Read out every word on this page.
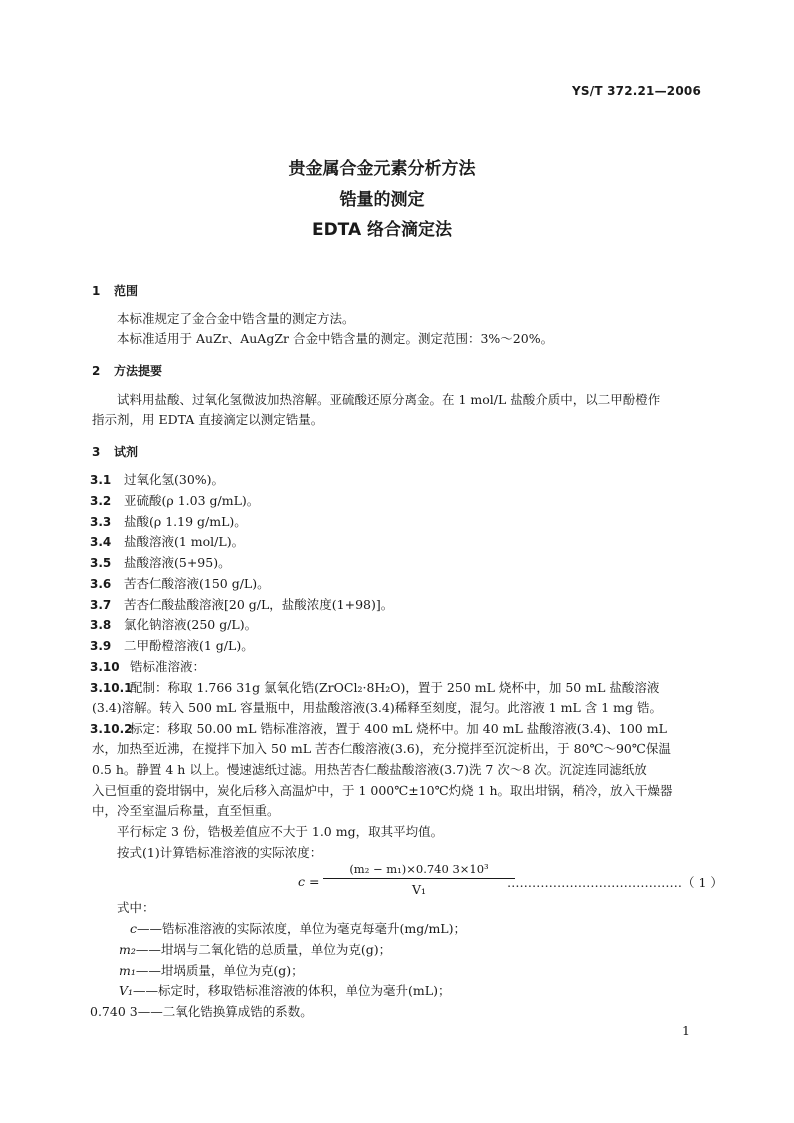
YS/T 372.21—2006
贵金属合金元素分析方法
锆量的测定
EDTA 络合滴定法
1 范围
本标准规定了金合金中锆含量的测定方法。
本标准适用于 AuZr、AuAgZr 合金中锆含量的测定。测定范围：3%～20%。
2 方法提要
试料用盐酸、过氧化氢微波加热溶解。亚硫酸还原分离金。在 1 mol/L 盐酸介质中，以二甲酚橙作
指示剂，用 EDTA 直接滴定以测定锆量。
3 试剂
3.1 过氧化氢(30%)。
3.2 亚硫酸(ρ 1.03 g/mL)。
3.3 盐酸(ρ 1.19 g/mL)。
3.4 盐酸溶液(1 mol/L)。
3.5 盐酸溶液(5+95)。
3.6 苦杏仁酸溶液(150 g/L)。
3.7 苦杏仁酸盐酸溶液[20 g/L，盐酸浓度(1+98)]。
3.8 氯化钠溶液(250 g/L)。
3.9 二甲酚橙溶液(1 g/L)。
3.10 锆标准溶液：
3.10.1配制：称取 1.766 31g 氯氧化锆(ZrOCl₂·8H₂O)，置于 250 mL 烧杯中，加 50 mL 盐酸溶液
(3.4)溶解。转入 500 mL 容量瓶中，用盐酸溶液(3.4)稀释至刻度，混匀。此溶液 1 mL 含 1 mg 锆。
3.10.2标定：移取 50.00 mL 锆标准溶液，置于 400 mL 烧杯中。加 40 mL 盐酸溶液(3.4)、100 mL
水，加热至近沸，在搅拌下加入 50 mL 苦杏仁酸溶液(3.6)，充分搅拌至沉淀析出，于 80℃～90℃保温
0.5 h。静置 4 h 以上。慢速滤纸过滤。用热苦杏仁酸盐酸溶液(3.7)洗 7 次～8 次。沉淀连同滤纸放
入已恒重的瓷坩锅中，炭化后移入高温炉中，于 1 000℃±10℃灼烧 1 h。取出坩锅，稍冷，放入干燥器
中，冷至室温后称量，直至恒重。
平行标定 3 份，锆极差值应不大于 1.0 mg，取其平均值。
按式(1)计算锆标准溶液的实际浓度：
c =
(m₂ − m₁)×0.740 3×10³
V₁	……………………………………（ 1 ）
式中：
c——锆标准溶液的实际浓度，单位为毫克每毫升(mg/mL)；
m₂——坩埚与二氧化锆的总质量，单位为克(g)；
m₁——坩埚质量，单位为克(g)；
V₁——标定时，移取锆标准溶液的体积，单位为毫升(mL)；
0.740 3——二氧化锆换算成锆的系数。
1
